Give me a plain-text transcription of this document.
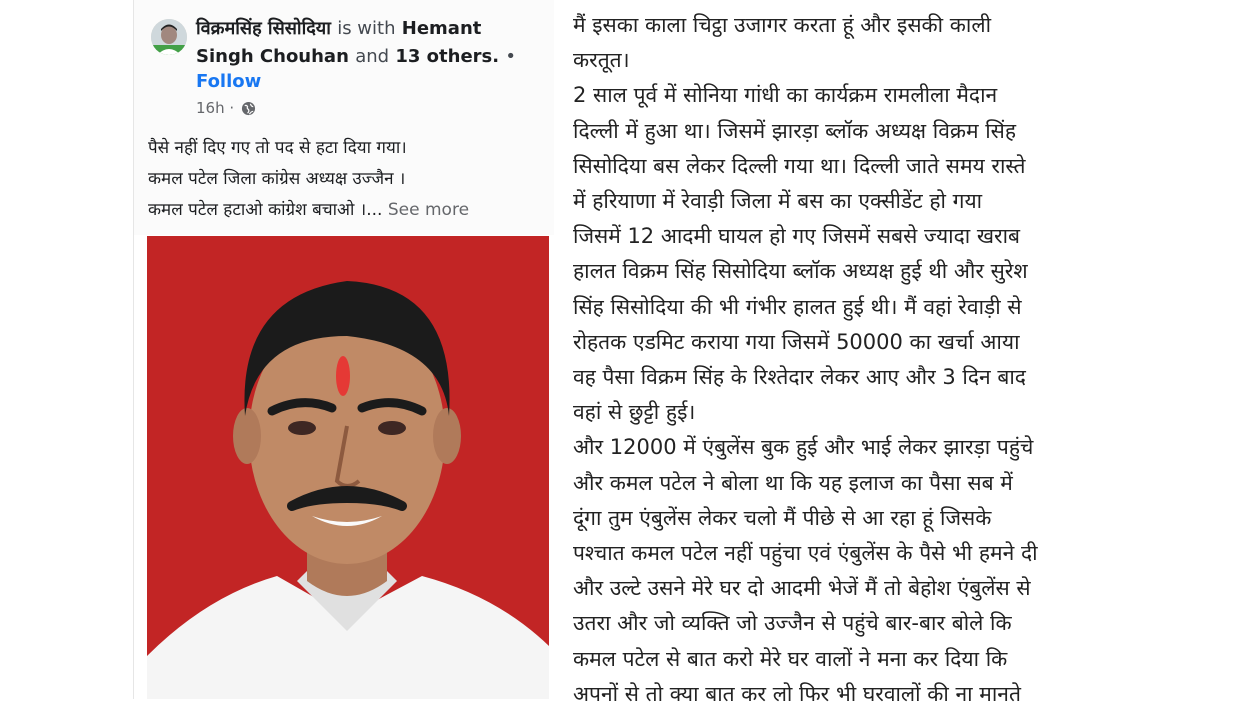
विक्रमसिंह सिसोदिया is with Hemant
Singh Chouhan and 13 others. •
Follow
16h ·
पैसे नहीं दिए गए तो पद से हटा दिया गया।
कमल पटेल जिला कांग्रेस अध्यक्ष उज्जैन ।
कमल पटेल हटाओ कांग्रेश बचाओ ।... See more
मैं इसका काला चिट्ठा उजागर करता हूं और इसकी काली
करतूत।
2 साल पूर्व में सोनिया गांधी का कार्यक्रम रामलीला मैदान
दिल्ली में हुआ था। जिसमें झारड़ा ब्लॉक अध्यक्ष विक्रम सिंह
सिसोदिया बस लेकर दिल्ली गया था। दिल्ली जाते समय रास्ते
में हरियाणा में रेवाड़ी जिला में बस का एक्सीडेंट हो गया
जिसमें 12 आदमी घायल हो गए जिसमें सबसे ज्यादा खराब
हालत विक्रम सिंह सिसोदिया ब्लॉक अध्यक्ष हुई थी और सुरेश
सिंह सिसोदिया की भी गंभीर हालत हुई थी। मैं वहां रेवाड़ी से
रोहतक एडमिट कराया गया जिसमें 50000 का खर्चा आया
वह पैसा विक्रम सिंह के रिश्तेदार लेकर आए और 3 दिन बाद
वहां से छुट्टी हुई।
और 12000 में एंबुलेंस बुक हुई और भाई लेकर झारड़ा पहुंचे
और कमल पटेल ने बोला था कि यह इलाज का पैसा सब में
दूंगा तुम एंबुलेंस लेकर चलो मैं पीछे से आ रहा हूं जिसके
पश्चात कमल पटेल नहीं पहुंचा एवं एंबुलेंस के पैसे भी हमने दी
और उल्टे उसने मेरे घर दो आदमी भेजें मैं तो बेहोश एंबुलेंस से
उतरा और जो व्यक्ति जो उज्जैन से पहुंचे बार-बार बोले कि
कमल पटेल से बात करो मेरे घर वालों ने मना कर दिया कि
अपनों से तो क्या बात कर लो फिर भी घरवालों की ना मानते
